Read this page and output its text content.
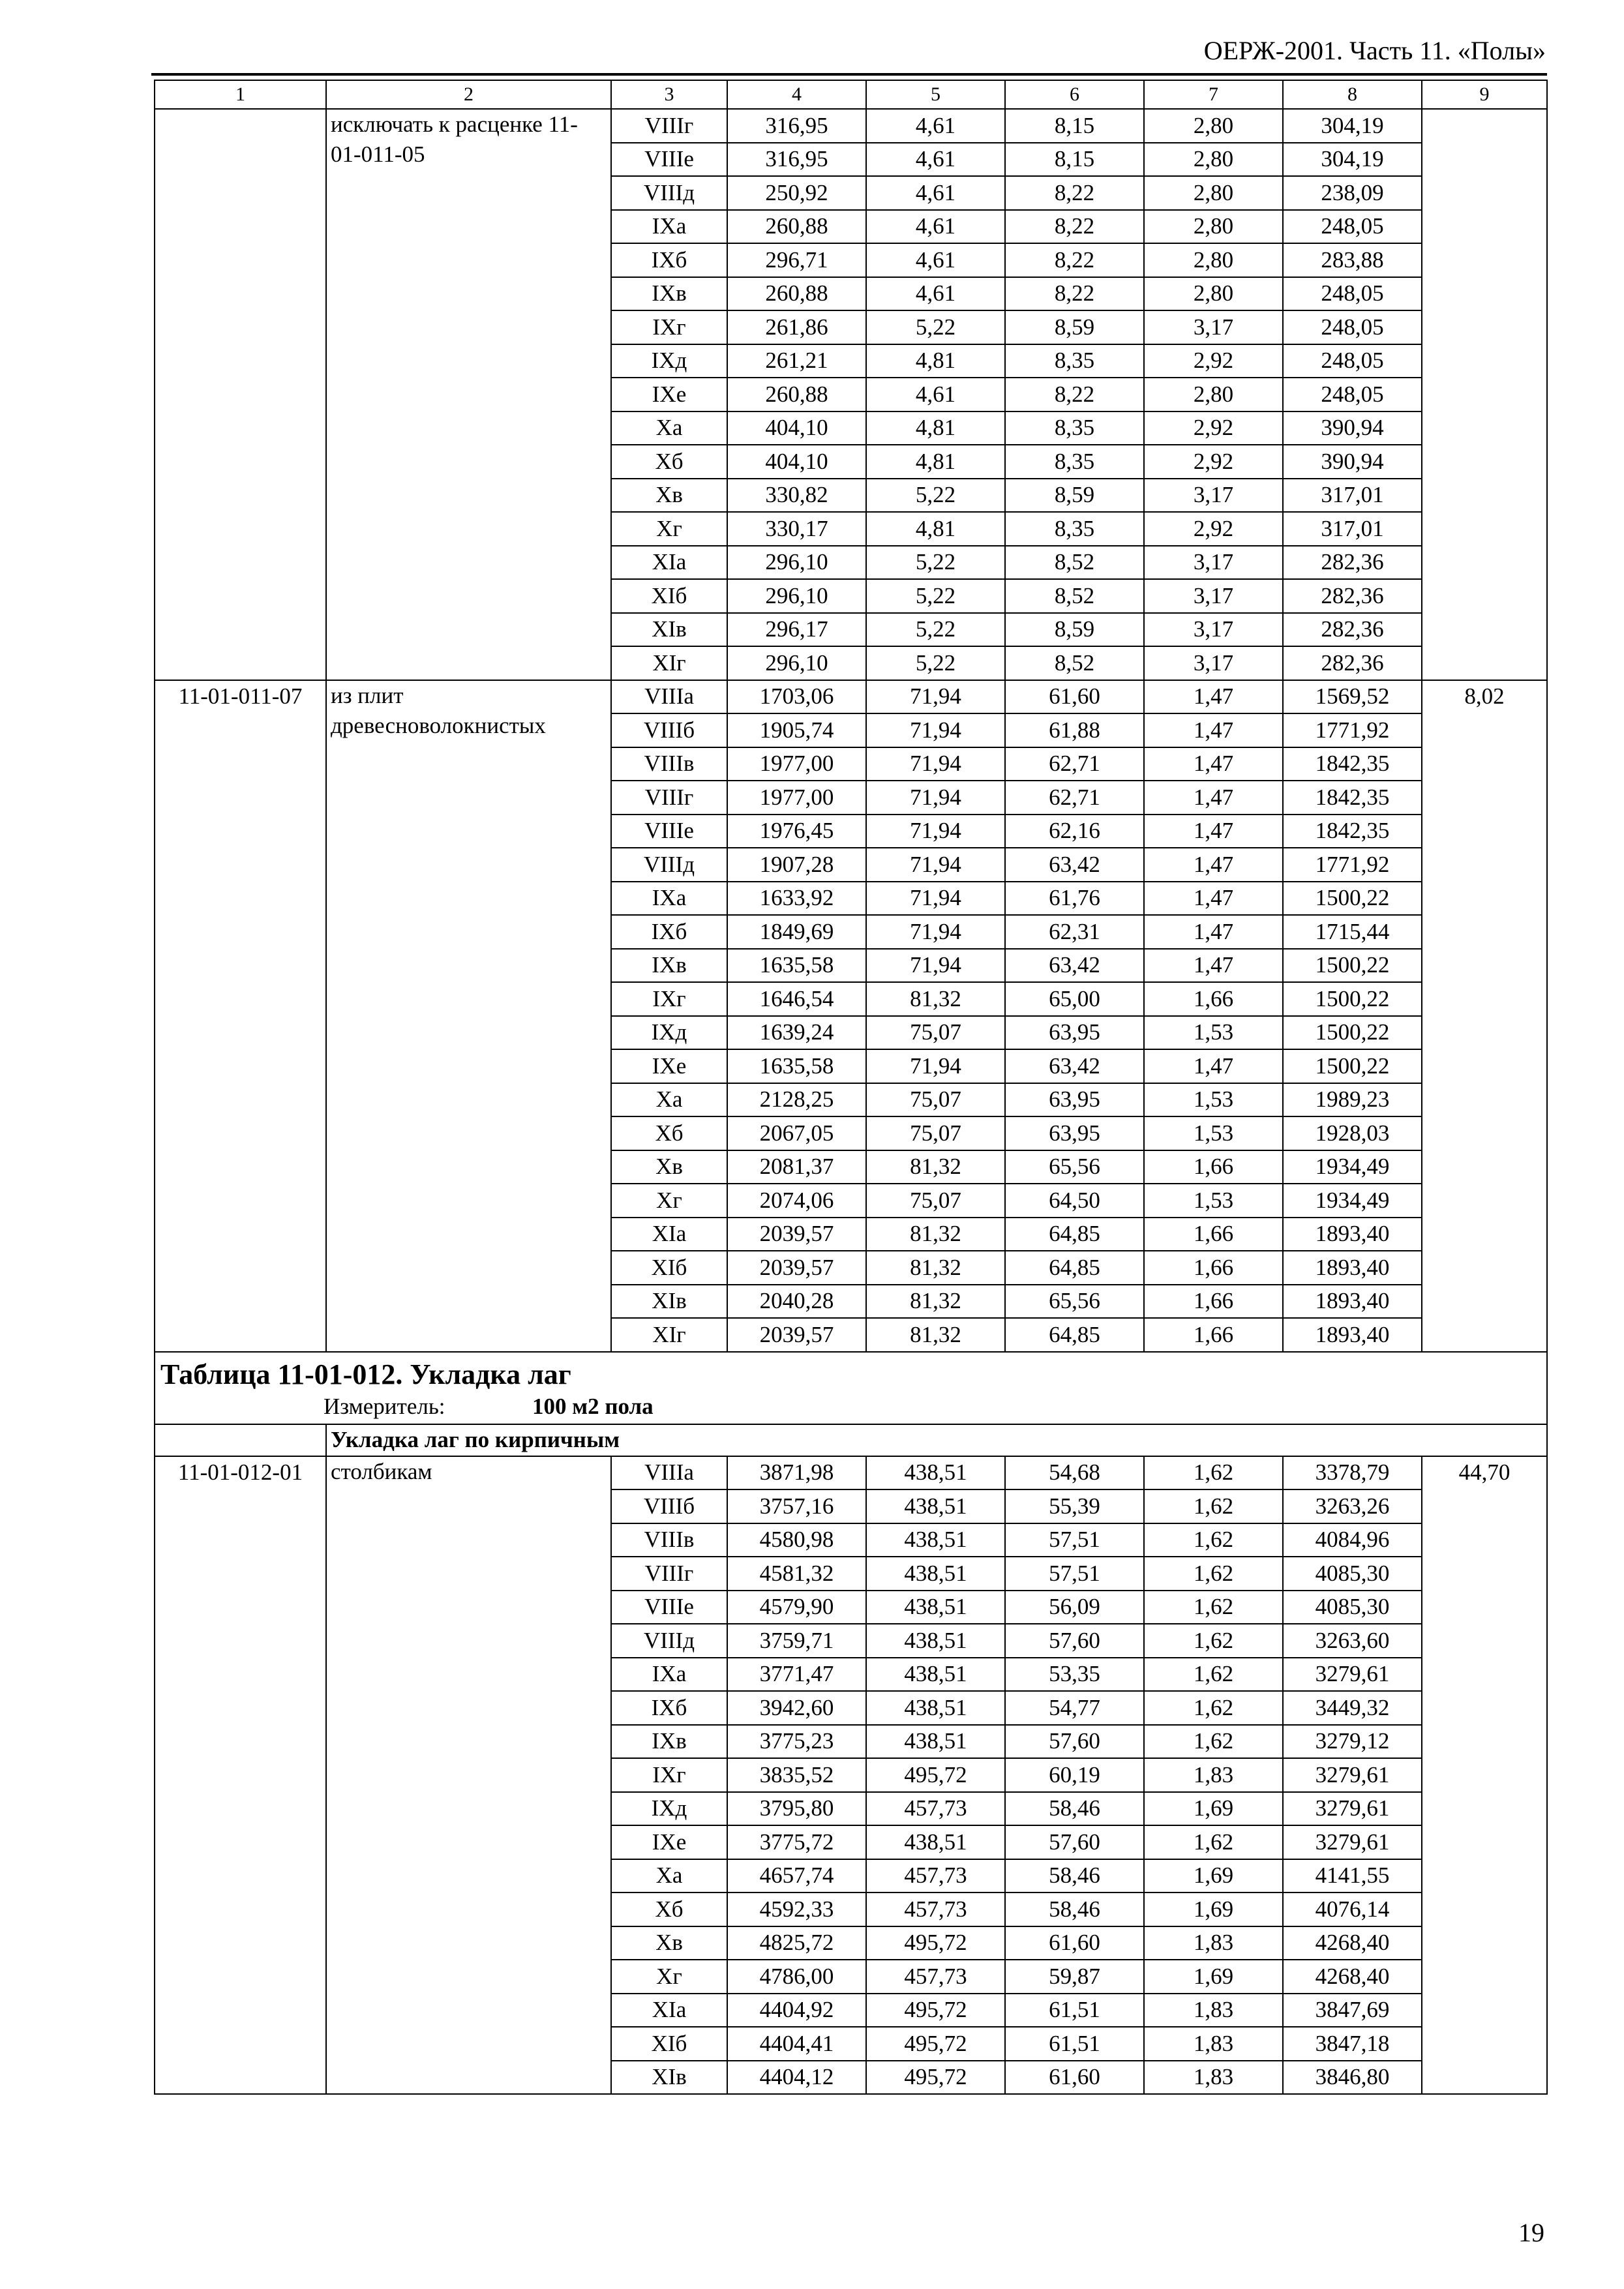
ОЕРЖ-2001. Часть 11. «Полы»
1	2	3	4	5	6	7	8	9
	исключать к расценке 11-01-011-05	VIIIг	316,95	4,61	8,15	2,80	304,19	
		VIIIе	316,95	4,61	8,15	2,80	304,19	
		VIIIд	250,92	4,61	8,22	2,80	238,09	
		IXа	260,88	4,61	8,22	2,80	248,05	
		IXб	296,71	4,61	8,22	2,80	283,88	
		IXв	260,88	4,61	8,22	2,80	248,05	
		IXг	261,86	5,22	8,59	3,17	248,05	
		IXд	261,21	4,81	8,35	2,92	248,05	
		IXе	260,88	4,61	8,22	2,80	248,05	
		Xа	404,10	4,81	8,35	2,92	390,94	
		Xб	404,10	4,81	8,35	2,92	390,94	
		Xв	330,82	5,22	8,59	3,17	317,01	
		Xг	330,17	4,81	8,35	2,92	317,01	
		XIа	296,10	5,22	8,52	3,17	282,36	
		XIб	296,10	5,22	8,52	3,17	282,36	
		XIв	296,17	5,22	8,59	3,17	282,36	
		XIг	296,10	5,22	8,52	3,17	282,36	
11-01-011-07	из плит древесноволокнистых	VIIIа	1703,06	71,94	61,60	1,47	1569,52	8,02
		VIIIб	1905,74	71,94	61,88	1,47	1771,92	
		VIIIв	1977,00	71,94	62,71	1,47	1842,35	
		VIIIг	1977,00	71,94	62,71	1,47	1842,35	
		VIIIе	1976,45	71,94	62,16	1,47	1842,35	
		VIIIд	1907,28	71,94	63,42	1,47	1771,92	
		IXа	1633,92	71,94	61,76	1,47	1500,22	
		IXб	1849,69	71,94	62,31	1,47	1715,44	
		IXв	1635,58	71,94	63,42	1,47	1500,22	
		IXг	1646,54	81,32	65,00	1,66	1500,22	
		IXд	1639,24	75,07	63,95	1,53	1500,22	
		IXе	1635,58	71,94	63,42	1,47	1500,22	
		Xа	2128,25	75,07	63,95	1,53	1989,23	
		Xб	2067,05	75,07	63,95	1,53	1928,03	
		Xв	2081,37	81,32	65,56	1,66	1934,49	
		Xг	2074,06	75,07	64,50	1,53	1934,49	
		XIа	2039,57	81,32	64,85	1,66	1893,40	
		XIб	2039,57	81,32	64,85	1,66	1893,40	
		XIв	2040,28	81,32	65,56	1,66	1893,40	
		XIг	2039,57	81,32	64,85	1,66	1893,40	

Таблица 11-01-012. Укладка лаг
Измеритель: 100 м2 пола								

	Укладка лаг по кирпичным							
11-01-012-01	столбикам	VIIIа	3871,98	438,51	54,68	1,62	3378,79	44,70
		VIIIб	3757,16	438,51	55,39	1,62	3263,26	
		VIIIв	4580,98	438,51	57,51	1,62	4084,96	
		VIIIг	4581,32	438,51	57,51	1,62	4085,30	
		VIIIе	4579,90	438,51	56,09	1,62	4085,30	
		VIIIд	3759,71	438,51	57,60	1,62	3263,60	
		IXа	3771,47	438,51	53,35	1,62	3279,61	
		IXб	3942,60	438,51	54,77	1,62	3449,32	
		IXв	3775,23	438,51	57,60	1,62	3279,12	
		IXг	3835,52	495,72	60,19	1,83	3279,61	
		IXд	3795,80	457,73	58,46	1,69	3279,61	
		IXе	3775,72	438,51	57,60	1,62	3279,61	
		Xа	4657,74	457,73	58,46	1,69	4141,55	
		Xб	4592,33	457,73	58,46	1,69	4076,14	
		Xв	4825,72	495,72	61,60	1,83	4268,40	
		Xг	4786,00	457,73	59,87	1,69	4268,40	
		XIа	4404,92	495,72	61,51	1,83	3847,69	
		XIб	4404,41	495,72	61,51	1,83	3847,18	
		XIв	4404,12	495,72	61,60	1,83	3846,80	
19
